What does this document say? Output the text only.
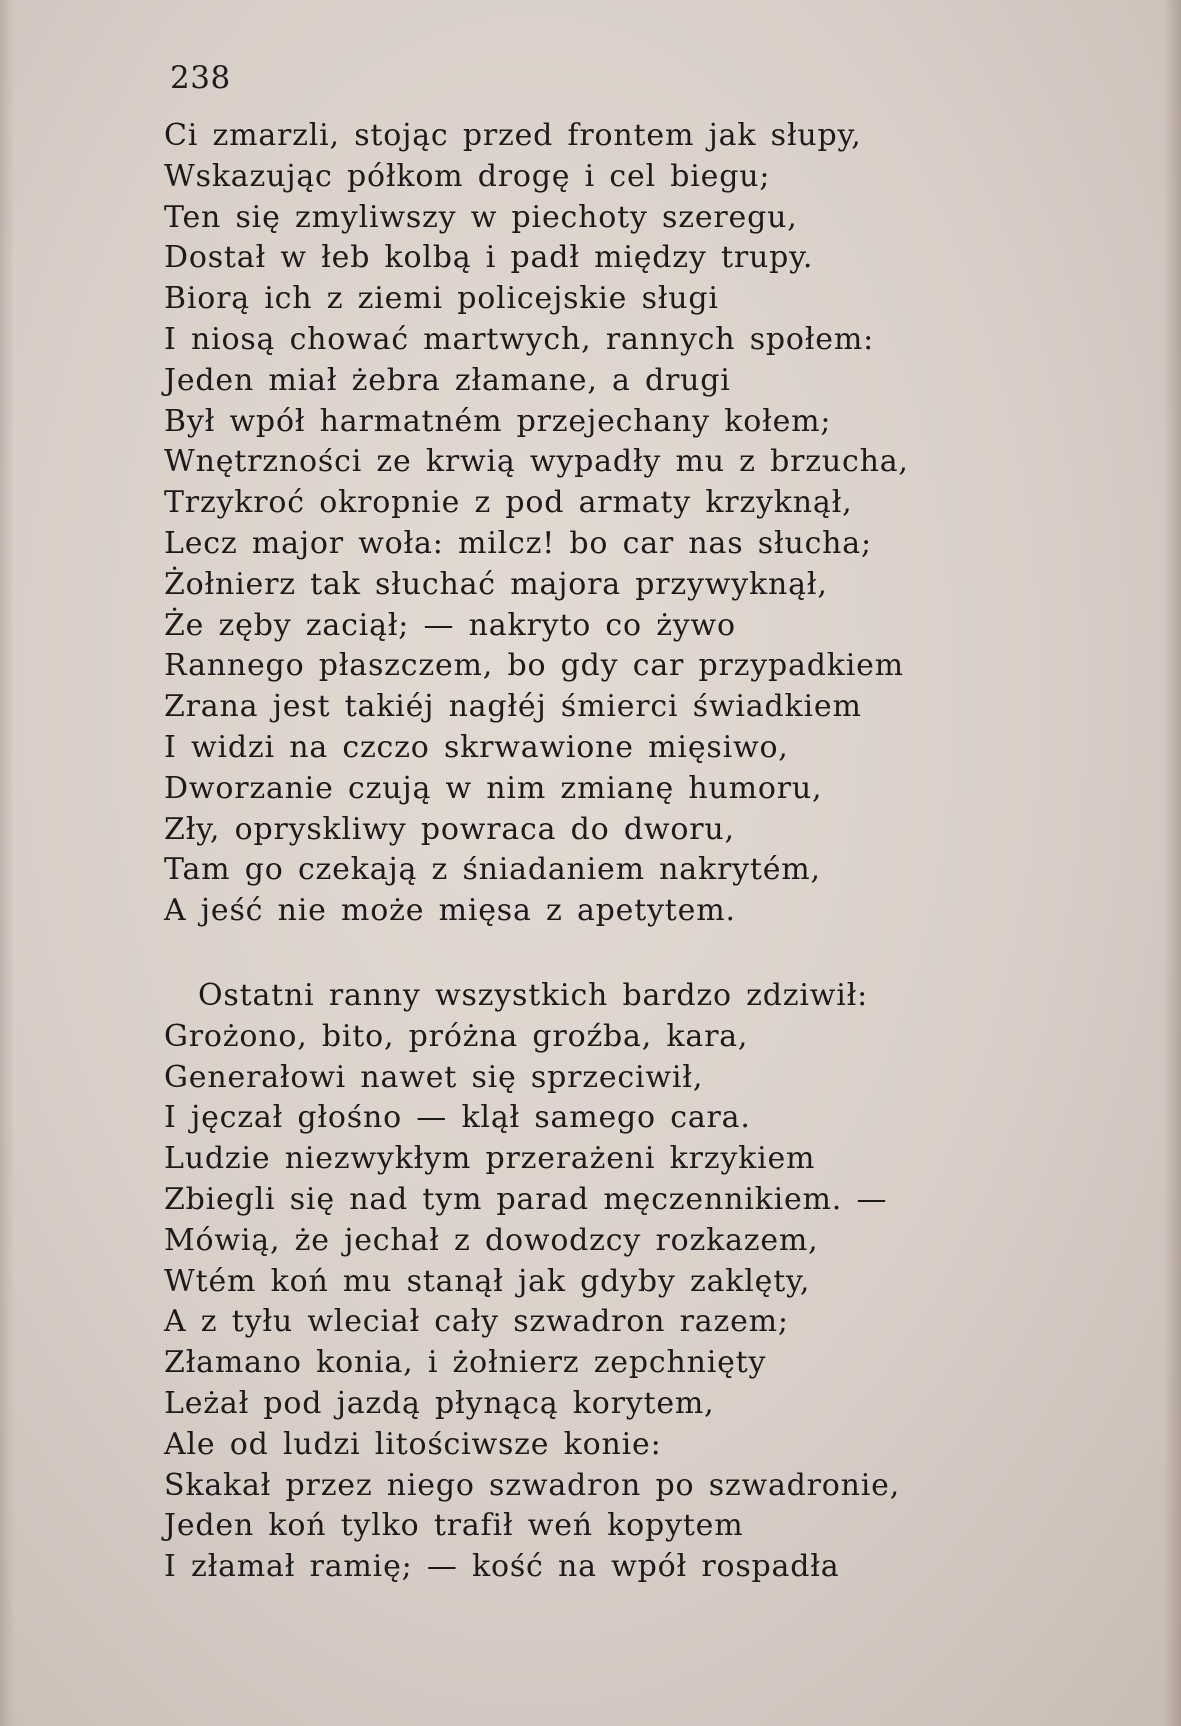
238
Ci zmarzli, stojąc przed frontem jak słupy,
Wskazując półkom drogę i cel biegu;
Ten się zmyliwszy w piechoty szeregu,
Dostał w łeb kolbą i padł między trupy.
Biorą ich z ziemi policejskie sługi
I niosą chować martwych, rannych społem:
Jeden miał żebra złamane, a drugi
Był wpół harmatném przejechany kołem;
Wnętrzności ze krwią wypadły mu z brzucha,
Trzykroć okropnie z pod armaty krzyknął,
Lecz major woła: milcz! bo car nas słucha;
Żołnierz tak słuchać majora przywyknął,
Że zęby zaciął; — nakryto co żywo
Rannego płaszczem, bo gdy car przypadkiem
Zrana jest takiéj nagłéj śmierci świadkiem
I widzi na czczo skrwawione mięsiwo,
Dworzanie czują w nim zmianę humoru,
Zły, opryskliwy powraca do dworu,
Tam go czekają z śniadaniem nakrytém,
A jeść nie może mięsa z apetytem.
Ostatni ranny wszystkich bardzo zdziwił:
Grożono, bito, próżna groźba, kara,
Generałowi nawet się sprzeciwił,
I jęczał głośno — klął samego cara.
Ludzie niezwykłym przerażeni krzykiem
Zbiegli się nad tym parad męczennikiem. —
Mówią, że jechał z dowodzcy rozkazem,
Wtém koń mu stanął jak gdyby zaklęty,
A z tyłu wleciał cały szwadron razem;
Złamano konia, i żołnierz zepchnięty
Leżał pod jazdą płynącą korytem,
Ale od ludzi litościwsze konie:
Skakał przez niego szwadron po szwadronie,
Jeden koń tylko trafił weń kopytem
I złamał ramię; — kość na wpół rospadła
